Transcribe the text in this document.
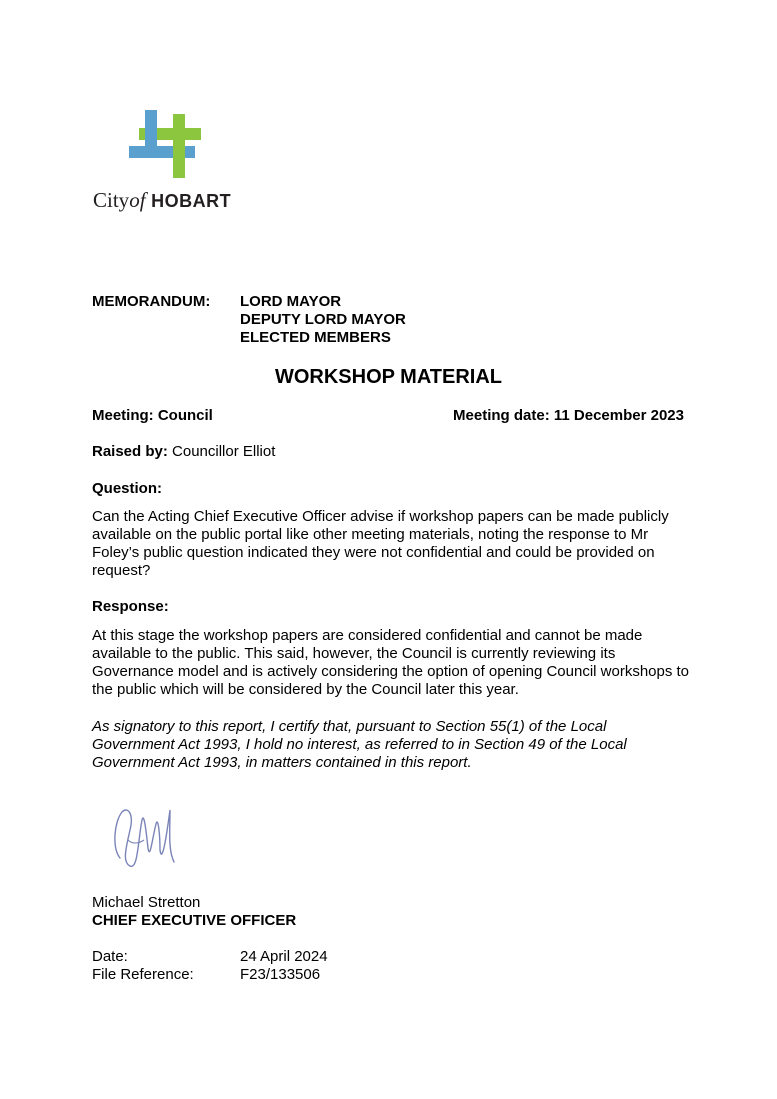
Cityof HOBART
MEMORANDUM: LORD MAYOR
DEPUTY LORD MAYOR
ELECTED MEMBERS
WORKSHOP MATERIAL
Meeting: Council	Meeting date: 11 December 2023
Raised by: Councillor Elliot
Question:
Can the Acting Chief Executive Officer advise if workshop papers can be made publicly available on the public portal like other meeting materials, noting the response to Mr Foley’s public question indicated they were not confidential and could be provided on request?
Response:
At this stage the workshop papers are considered confidential and cannot be made available to the public. This said, however, the Council is currently reviewing its Governance model and is actively considering the option of opening Council workshops to the public which will be considered by the Council later this year.
As signatory to this report, I certify that, pursuant to Section 55(1) of the Local Government Act 1993, I hold no interest, as referred to in Section 49 of the Local Government Act 1993, in matters contained in this report.
Michael Stretton
CHIEF EXECUTIVE OFFICER
Date:	24 April 2024
File Reference:	F23/133506
